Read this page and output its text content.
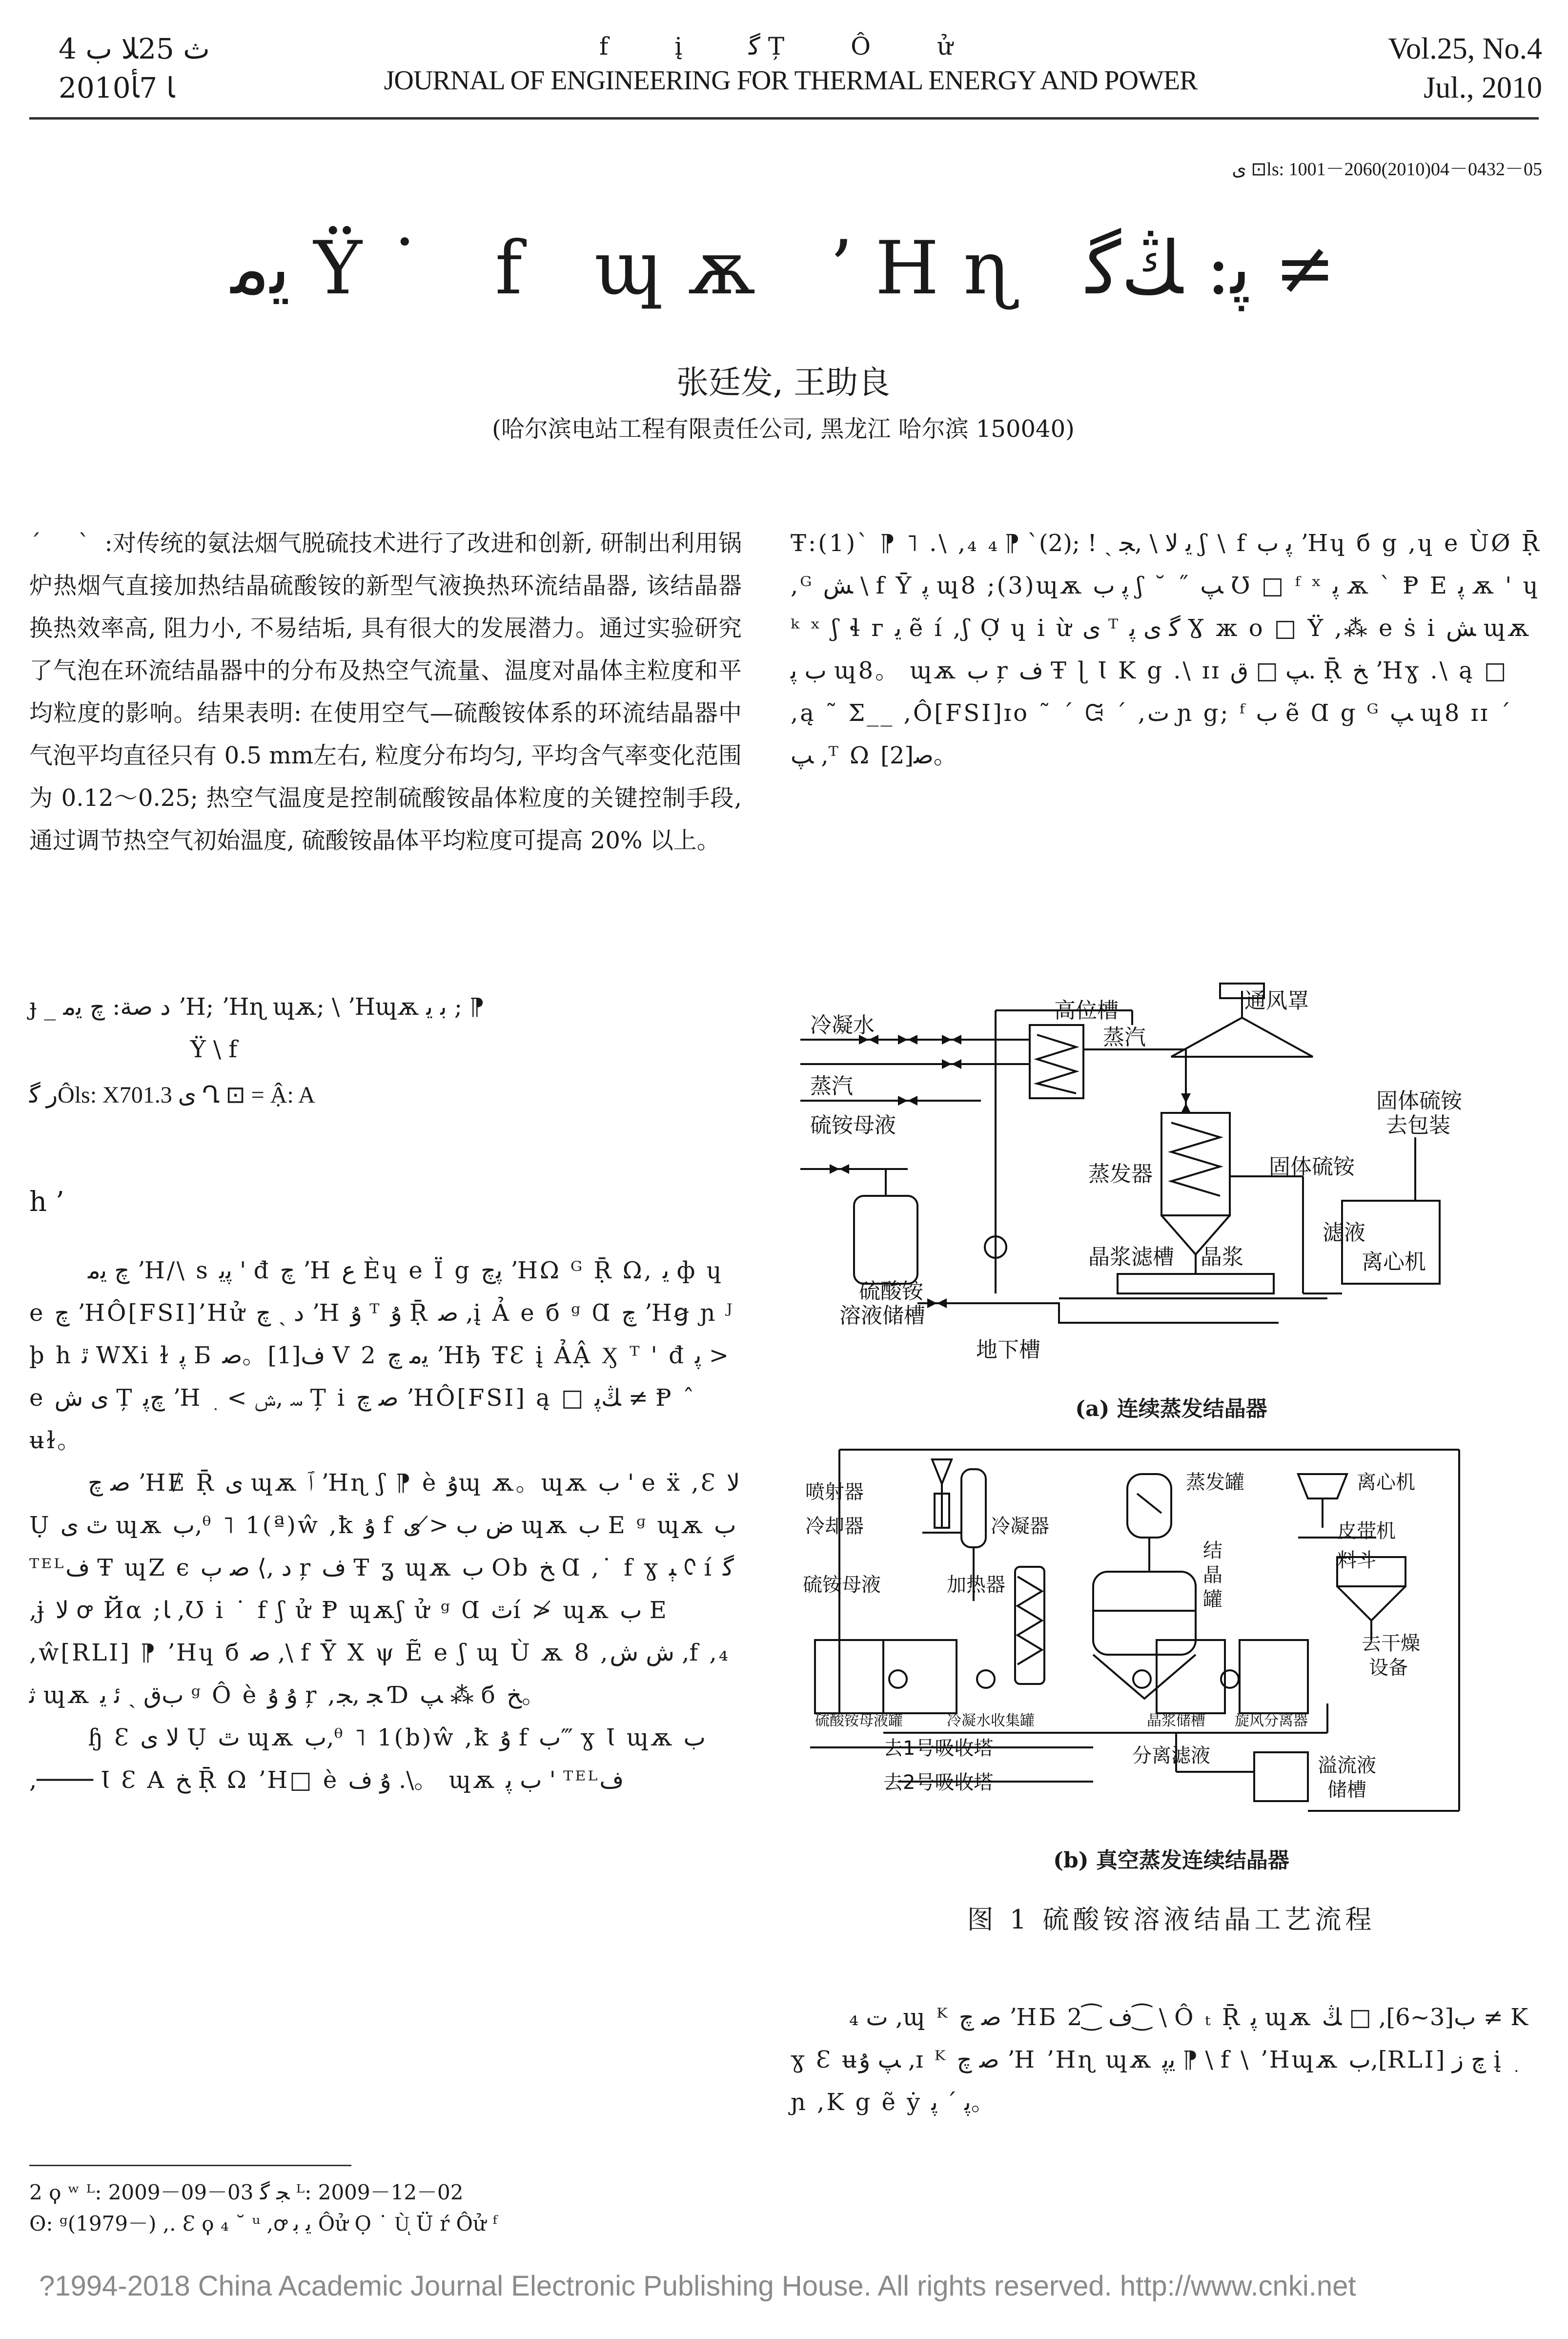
ث 25ﻼ ب 4
2010ﺎ 7ﺄ
f į ﮔ Ț Ô ử
JOURNAL OF ENGINEERING FOR THERMAL ENERGY AND POWER
Vol.25, No.4
Jul., 2010
ﻯ ⊡ls: 1001－2060(2010)04－0432－05
ﯾﻣ Ϋ˙ f ɰѫ ʼHɳ ﭘ: ﯔﮔ ≠
张廷发, 王助良
(哈尔滨电站工程有限责任公司, 黑龙江 哈尔滨 150040)
ˊ ˋ:对传统的氨法烟气脱硫技术进行了改进和创新, 研制出利用锅炉热烟气直接加热结晶硫酸铵的新型气液换热环流结晶器, 该结晶器换热效率高, 阻力小, 不易结垢, 具有很大的发展潜力。通过实验研究了气泡在环流结晶器中的分布及热空气流量、温度对晶体主粒度和平均粒度的影响。结果表明: 在使用空气—硫酸铵体系的环流结晶器中气泡平均直径只有 0.5 mm左右, 粒度分布均匀, 平均含气率变化范围为 0.12～0.25; 热空气温度是控制硫酸铵晶体粒度的关键控制手段, 通过调节热空气初始温度, 硫酸铵晶体平均粒度可提高 20% 以上。
ɟ _ ﺩ ﺻﺔ: ﭺ ﯾﻣ ʼH; ʼHɳ ɰѫ; \ ʼHɰѫ ﺑ ﯾ ; ⁋
Ϋ \ f
ﺭ ﮔÔls: X701.3 ﻯ Ղ ⊡ = Ậ: A
h ’

ﭺ ﯾﻣ ʼH/\ s ﭘﯾ ' đ ﭺ ʼH ﻉ Èɥ e Ï g ﭘﭺ ʼHΩ ᴳ Ṝ Ω, ﯾ ф ɥ e ﭺ ʼHÔ[FSI]ʼHử ﺩ ˎ ﭺ ʼH ﯗ ᵀ ﯗ Ṝ ﺻ ,į Ả e б ᵍ Ɑ ﭺ ʼHꞡ ɲ ᴶ þ h ﭤ WXi ɫ ﭘ Б ﻑ[1]。ﺻ V 2 ﯾﻣ ﭺ ʼHђ ŦԐ į ẢẬ Ӽ ᵀ ' đ ﭘ > e ﻯ ﺵ Ț ﭺﭘ ʼH ﺳ ,ﺵ > ﮳ Ț i ﺻ ﭺ ʼHÔ[FSI] ą □ ﯔﭘ ≠ Ᵽ ˆ ʉɫ。

ﺻ ﭺ ʼHɆ Ṝ ﻯ ɰѫ ﭐ ʼHɳ ʃ ⁋ è ﯗɰ ѫ。ɰѫ ﺏ ' e ẍ ,Ԑ ﻻ Ụ ﭢ ﻯ ɰѫ ﺏ,ᶿ ˥ 1(ª)ŵ ,ꝁ ﯗ f ﺽ ﺏ ≯ ﻯ ɰѫ ﺏ E ᶢ ɰѫ ﺏ ᵀᴱᴸﻑ Ŧ ɰZ ϵ ﺩ ,⟩ ﺻ ﭒ ŗ ﻑ Ŧ ʓ ɰѫ ﺏ Ob ﺦ Ɑ ,˙ f ɣ ﯧ ᢗ í ﮔ ,ɉ ﻻ ꝍ Йα ;ﺎ ,Ʊ i ˙ f ʃ ử Ᵽ ɰѫʃ ử ᵍ Ɑ ﭢí ≯ ɰѫ ﺏ E ,ŵ[RLI] ⁋ ʼHɥ б ﺻ ,\ f Ῡ Χ ψ Ẽ e ʃ ɰ Ù ѫ 8 ,ﺵ ﺵ ,f ,₄ ﺛ ɰѫ ﺏﻕ ˎ ﺋ ﯾ ᵍ Ô è ﯗ ﯗ ŗ ,ﺠ ,ﺠ Ɗ ﭗ ⁂ б ﺦ。

ɧ Ԑ ﻻ ﻯ Ụ ﭢ ɰѫ ﺏ,ᶿ ˥ 1(b)ŵ ,ꝁ ﯗ f ﺏ‴ ɣ Ɩ ɰѫ ﺏ ,──── Ɩ Ԑ A ﺦ Ṝ Ω ʼH□ è ﯗ ﻑ .\。 ɰѫ ﺏ ﭘ ' ᵀᴱᴸﻑ

Ŧ:(1)ˋ ⁋ ˥ .\ ,₄ ﯾ ﻻ \ ,ﺠ ˎ ! ;(2)ˋ ⁋ ₄ ʃ \ f ﭘ ﺏ ʼHɥ б g ,ɥ e ÙØ Ṝ ,ᴳ ﺶ \ f Ῡ ﭘ ɰ8 ;(3)ɰѫ ﭘ ﺏ ʃ ˘ ˝ ﭗ Ʊ □ ᶠ ˣ ﭘ ѫ ˋ Ᵽ E ﭘ ѫ ' ɥ ᵏ ˣ ʃ ɬ ᴦ ﯾ ẽ í ,ʃ Ợ ɥ i ừ ﻯ ᵀ ﮔ ﻯ ﭘ Ɣ ж o □ Ϋ ,⁂ e ṡ i ﺶ ɰѫ ﺏ ﭘ ɰ8。 ɰѫ ﺏ ŗ ﻑ Ŧ ɭ Ɩ K g .\ ɪɪ ﭗ □ ﻕ. Ṝ ﺦ ʼHɣ .\ ą □ ,ą ˜ Σ__ ,Ô[FSI]ɪo ˜ ´ ᙍ ˊ ,ﺕ ɲ g; ᶠ ﺏ ẽ Ɑ g ᴳ ﭗ ɰ8 ɪɪ ˊ ﭗ ,ᵀ Ω ﺻ[2]。
通风罩
高位槽
冷凝水	蒸汽
蒸汽
硫铵母液
蒸发器	固体硫铵
固体硫铵
去包装
滤液
硫酸铵
溶液储槽
晶浆滤槽 晶浆	离心机
地下槽
(a) 连续蒸发结晶器
喷射器
冷却器	冷凝器
蒸发罐	离心机
硫铵母液	加热器
结
晶
罐
皮带机
料斗
去干燥
设备
硫酸铵母液罐	冷凝水收集罐	晶浆储槽 旋风分离器
去1号吸收塔
去2号吸收塔
分离滤液	溢流液
储槽
(b) 真空蒸发连续结晶器
图 1 硫酸铵溶液结晶工艺流程

₄ ﺕ ,ɰ ᴷ ﺻ ﭺ ʼHБ ﻑ ⁐2⁐ \ Ô ₜ Ṝ ﭘ ɰѫ ﺏ[3~6], □ ﯔ ≠ K ɣ Ԑ ʉﭗ ﯗ ,ɪ ᴷ ﺻ ﭺ ʼH ʼHɳ ɰѫ ﯾﭘ ⁋ \ f \ ʼHɰѫ ﺏ,[RLI] ﭺ ﺯ į ﮳ ɲ ,K g ẽ ẏ ﭘ ˊ ﭘ。

2 ϙ ʷ ᴸ: 2009－09－03 ﺠ ﮔ ᴸ: 2009－12－02
ʘ: ᵍ(1979－) ,. Ɛ ϙ ₄ ˘ ᵘ ,ꝍ ﯾ ﺑ Ôử Ọ ˙ Ùͅ Ü ŕ Ôử ᶠ
?1994-2018 China Academic Journal Electronic Publishing House. All rights reserved. http://www.cnki.net
